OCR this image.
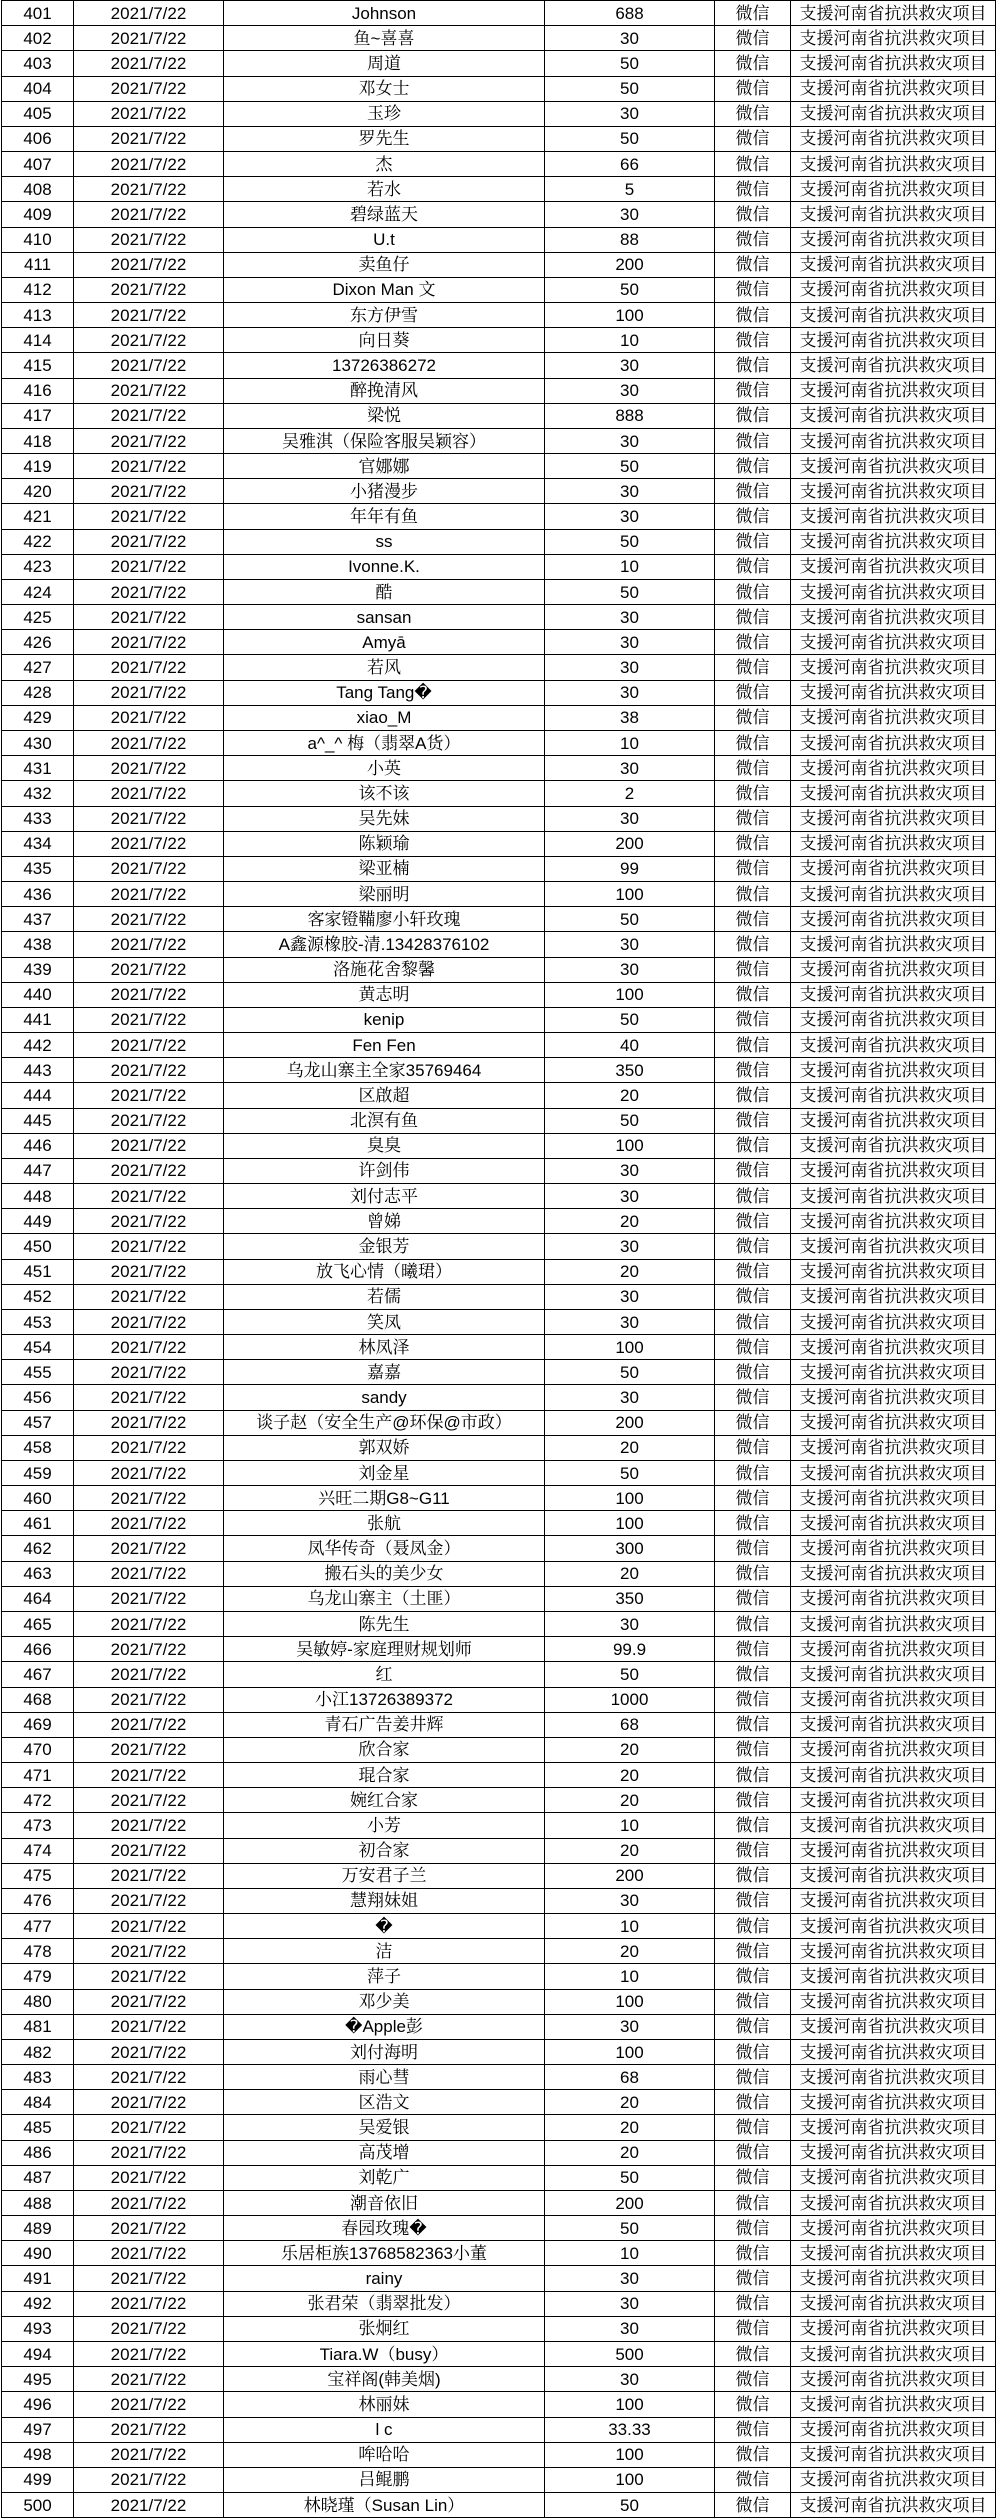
401	2021/7/22	Johnson	688	微信	支援河南省抗洪救灾项目
402	2021/7/22	鱼~喜喜	30	微信	支援河南省抗洪救灾项目
403	2021/7/22	周道	50	微信	支援河南省抗洪救灾项目
404	2021/7/22	邓女士	50	微信	支援河南省抗洪救灾项目
405	2021/7/22	玉珍	30	微信	支援河南省抗洪救灾项目
406	2021/7/22	罗先生	50	微信	支援河南省抗洪救灾项目
407	2021/7/22	杰	66	微信	支援河南省抗洪救灾项目
408	2021/7/22	若水	5	微信	支援河南省抗洪救灾项目
409	2021/7/22	碧绿蓝天	30	微信	支援河南省抗洪救灾项目
410	2021/7/22	U.t	88	微信	支援河南省抗洪救灾项目
411	2021/7/22	卖鱼仔	200	微信	支援河南省抗洪救灾项目
412	2021/7/22	Dixon Man 文	50	微信	支援河南省抗洪救灾项目
413	2021/7/22	东方伊雪	100	微信	支援河南省抗洪救灾项目
414	2021/7/22	向日葵	10	微信	支援河南省抗洪救灾项目
415	2021/7/22	13726386272	30	微信	支援河南省抗洪救灾项目
416	2021/7/22	醉挽清风	30	微信	支援河南省抗洪救灾项目
417	2021/7/22	梁悦	888	微信	支援河南省抗洪救灾项目
418	2021/7/22	吴雅淇（保险客服吴颖容）	30	微信	支援河南省抗洪救灾项目
419	2021/7/22	官娜娜	50	微信	支援河南省抗洪救灾项目
420	2021/7/22	小猪漫步	30	微信	支援河南省抗洪救灾项目
421	2021/7/22	年年有鱼	30	微信	支援河南省抗洪救灾项目
422	2021/7/22	ss	50	微信	支援河南省抗洪救灾项目
423	2021/7/22	Ivonne.K.	10	微信	支援河南省抗洪救灾项目
424	2021/7/22	酷	50	微信	支援河南省抗洪救灾项目
425	2021/7/22	sansan	30	微信	支援河南省抗洪救灾项目
426	2021/7/22	Amyā	30	微信	支援河南省抗洪救灾项目
427	2021/7/22	若风	30	微信	支援河南省抗洪救灾项目
428	2021/7/22	Tang Tang�	30	微信	支援河南省抗洪救灾项目
429	2021/7/22	xiao_M	38	微信	支援河南省抗洪救灾项目
430	2021/7/22	a^_^ 梅（翡翠A货）	10	微信	支援河南省抗洪救灾项目
431	2021/7/22	小英	30	微信	支援河南省抗洪救灾项目
432	2021/7/22	该不该	2	微信	支援河南省抗洪救灾项目
433	2021/7/22	吴先妹	30	微信	支援河南省抗洪救灾项目
434	2021/7/22	陈颖瑜	200	微信	支援河南省抗洪救灾项目
435	2021/7/22	梁亚楠	99	微信	支援河南省抗洪救灾项目
436	2021/7/22	梁丽明	100	微信	支援河南省抗洪救灾项目
437	2021/7/22	客家镫鞴廖小轩玫瑰	50	微信	支援河南省抗洪救灾项目
438	2021/7/22	A鑫源橡胶-清.13428376102	30	微信	支援河南省抗洪救灾项目
439	2021/7/22	洛施花舍黎馨	30	微信	支援河南省抗洪救灾项目
440	2021/7/22	黄志明	100	微信	支援河南省抗洪救灾项目
441	2021/7/22	kenip	50	微信	支援河南省抗洪救灾项目
442	2021/7/22	Fen Fen	40	微信	支援河南省抗洪救灾项目
443	2021/7/22	乌龙山寨主全家35769464	350	微信	支援河南省抗洪救灾项目
444	2021/7/22	区啟超	20	微信	支援河南省抗洪救灾项目
445	2021/7/22	北溟有鱼	50	微信	支援河南省抗洪救灾项目
446	2021/7/22	臭臭	100	微信	支援河南省抗洪救灾项目
447	2021/7/22	许剑伟	30	微信	支援河南省抗洪救灾项目
448	2021/7/22	刘付志平	30	微信	支援河南省抗洪救灾项目
449	2021/7/22	曾娣	20	微信	支援河南省抗洪救灾项目
450	2021/7/22	金银芳	30	微信	支援河南省抗洪救灾项目
451	2021/7/22	放飞心情（曦珺）	20	微信	支援河南省抗洪救灾项目
452	2021/7/22	若儒	30	微信	支援河南省抗洪救灾项目
453	2021/7/22	笑凤	30	微信	支援河南省抗洪救灾项目
454	2021/7/22	林凤泽	100	微信	支援河南省抗洪救灾项目
455	2021/7/22	嘉嘉	50	微信	支援河南省抗洪救灾项目
456	2021/7/22	sandy	30	微信	支援河南省抗洪救灾项目
457	2021/7/22	谈子赵（安全生产@环保@市政）	200	微信	支援河南省抗洪救灾项目
458	2021/7/22	郭双娇	20	微信	支援河南省抗洪救灾项目
459	2021/7/22	刘金星	50	微信	支援河南省抗洪救灾项目
460	2021/7/22	兴旺二期G8~G11	100	微信	支援河南省抗洪救灾项目
461	2021/7/22	张航	100	微信	支援河南省抗洪救灾项目
462	2021/7/22	凤华传奇（聂凤金）	300	微信	支援河南省抗洪救灾项目
463	2021/7/22	搬石头的美少女	20	微信	支援河南省抗洪救灾项目
464	2021/7/22	乌龙山寨主（土匪）	350	微信	支援河南省抗洪救灾项目
465	2021/7/22	陈先生	30	微信	支援河南省抗洪救灾项目
466	2021/7/22	吴敏婷-家庭理财规划师	99.9	微信	支援河南省抗洪救灾项目
467	2021/7/22	红	50	微信	支援河南省抗洪救灾项目
468	2021/7/22	小江13726389372	1000	微信	支援河南省抗洪救灾项目
469	2021/7/22	青石广告姜井辉	68	微信	支援河南省抗洪救灾项目
470	2021/7/22	欣合家	20	微信	支援河南省抗洪救灾项目
471	2021/7/22	琨合家	20	微信	支援河南省抗洪救灾项目
472	2021/7/22	婉红合家	20	微信	支援河南省抗洪救灾项目
473	2021/7/22	小芳	10	微信	支援河南省抗洪救灾项目
474	2021/7/22	初合家	20	微信	支援河南省抗洪救灾项目
475	2021/7/22	万安君子兰	200	微信	支援河南省抗洪救灾项目
476	2021/7/22	慧翔妹姐	30	微信	支援河南省抗洪救灾项目
477	2021/7/22	�	10	微信	支援河南省抗洪救灾项目
478	2021/7/22	洁	20	微信	支援河南省抗洪救灾项目
479	2021/7/22	萍子	10	微信	支援河南省抗洪救灾项目
480	2021/7/22	邓少美	100	微信	支援河南省抗洪救灾项目
481	2021/7/22	�Apple彭	30	微信	支援河南省抗洪救灾项目
482	2021/7/22	刘付海明	100	微信	支援河南省抗洪救灾项目
483	2021/7/22	雨心彗	68	微信	支援河南省抗洪救灾项目
484	2021/7/22	区浩文	20	微信	支援河南省抗洪救灾项目
485	2021/7/22	吴爱银	20	微信	支援河南省抗洪救灾项目
486	2021/7/22	高茂增	20	微信	支援河南省抗洪救灾项目
487	2021/7/22	刘乾广	50	微信	支援河南省抗洪救灾项目
488	2021/7/22	潮音依旧	200	微信	支援河南省抗洪救灾项目
489	2021/7/22	春园玫瑰�	50	微信	支援河南省抗洪救灾项目
490	2021/7/22	乐居柜族13768582363小董	10	微信	支援河南省抗洪救灾项目
491	2021/7/22	rainy	30	微信	支援河南省抗洪救灾项目
492	2021/7/22	张君荣（翡翠批发）	30	微信	支援河南省抗洪救灾项目
493	2021/7/22	张炯红	30	微信	支援河南省抗洪救灾项目
494	2021/7/22	Tiara.W（busy）	500	微信	支援河南省抗洪救灾项目
495	2021/7/22	宝祥阁(韩美烟)	30	微信	支援河南省抗洪救灾项目
496	2021/7/22	林丽妹	100	微信	支援河南省抗洪救灾项目
497	2021/7/22	l c	33.33	微信	支援河南省抗洪救灾项目
498	2021/7/22	哞哈哈	100	微信	支援河南省抗洪救灾项目
499	2021/7/22	吕鲲鹏	100	微信	支援河南省抗洪救灾项目
500	2021/7/22	林晓瑾（Susan Lin）	50	微信	支援河南省抗洪救灾项目
